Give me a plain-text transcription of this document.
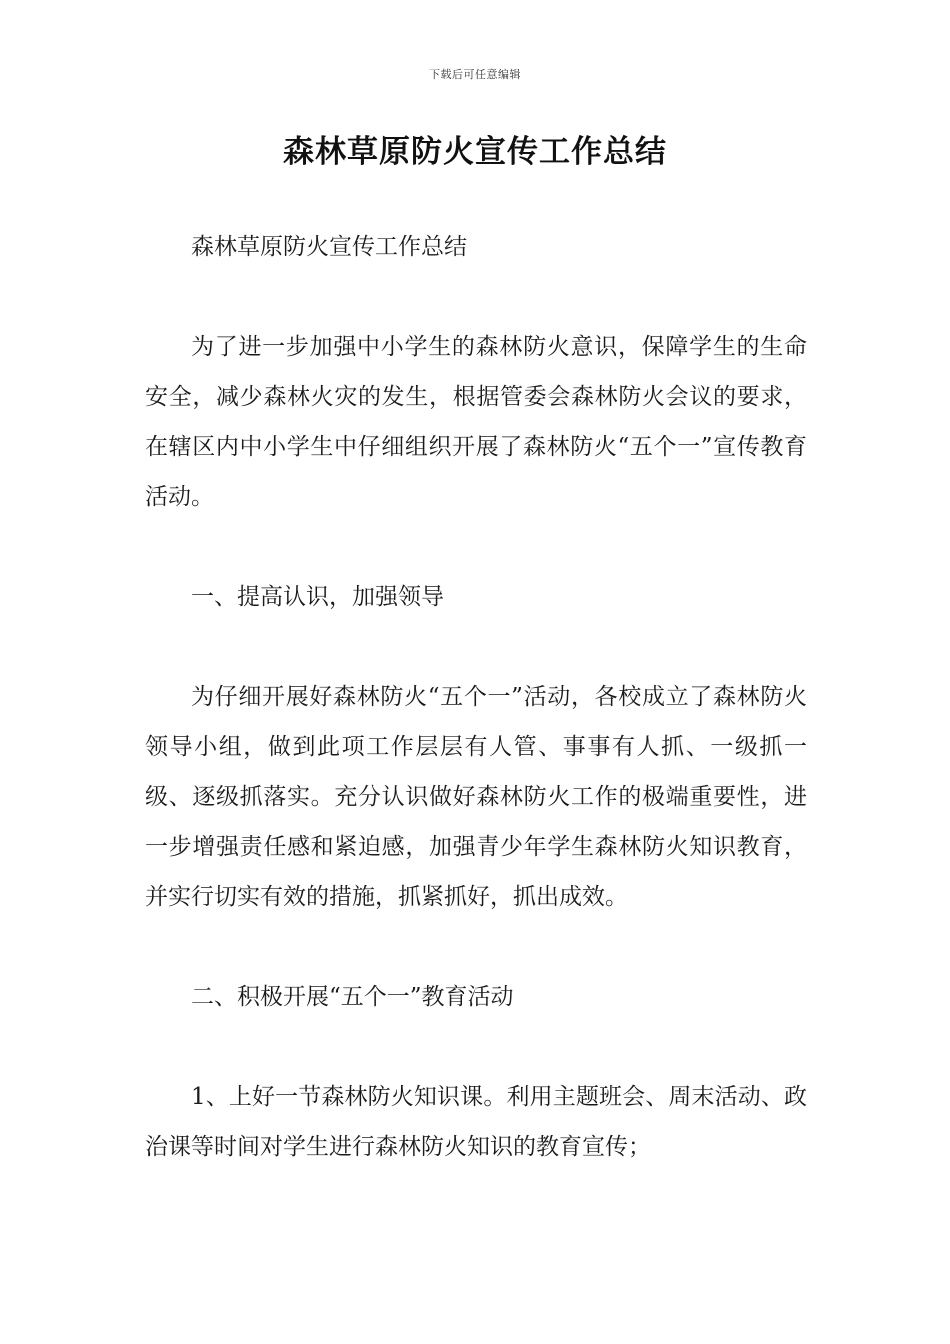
下载后可任意编辑
森林草原防火宣传工作总结

森林草原防火宣传工作总结

为了进一步加强中小学生的森林防火意识，保障学生的生命安全，减少森林火灾的发生，根据管委会森林防火会议的要求，在辖区内中小学生中仔细组织开展了森林防火“五个一”宣传教育活动。

一、提高认识，加强领导

为仔细开展好森林防火“五个一”活动，各校成立了森林防火领导小组，做到此项工作层层有人管、事事有人抓、一级抓一级、逐级抓落实。充分认识做好森林防火工作的极端重要性，进一步增强责任感和紧迫感，加强青少年学生森林防火知识教育，并实行切实有效的措施，抓紧抓好，抓出成效。

二、积极开展“五个一”教育活动

1、上好一节森林防火知识课。利用主题班会、周末活动、政治课等时间对学生进行森林防火知识的教育宣传；
